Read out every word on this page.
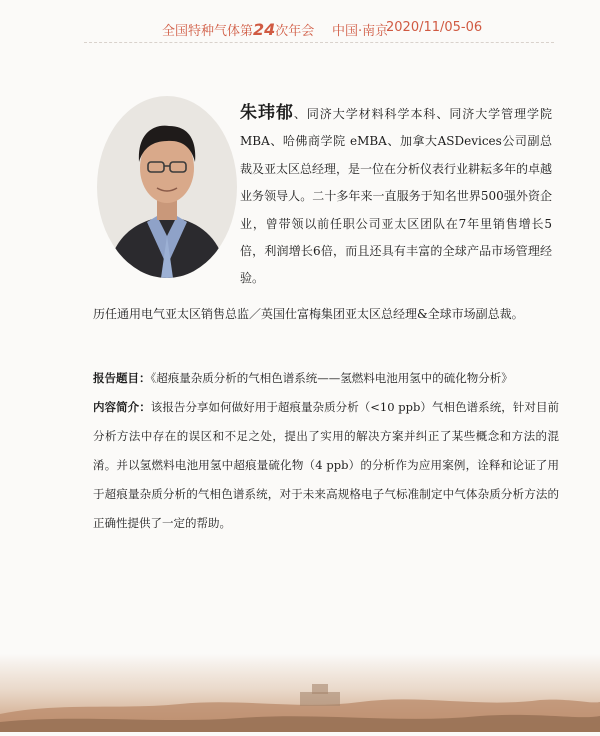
全国特种气体第24次年会 中国·南京
2020/11/05-06
朱玮郁、同济大学材料科学本科、同济大学管理学院MBA、哈佛商学院 eMBA、加拿大ASDevices公司副总裁及亚太区总经理，是一位在分析仪表行业耕耘多年的卓越业务领导人。二十多年来一直服务于知名世界500强外资企业，曾带领以前任职公司亚太区团队在7年里销售增长5倍，利润增长6倍，而且还具有丰富的全球产品市场管理经验。
历任通用电气亚太区销售总监／英国仕富梅集团亚太区总经理&全球市场副总裁。
报告题目：《超痕量杂质分析的气相色谱系统——氢燃料电池用氢中的硫化物分析》
内容简介：该报告分享如何做好用于超痕量杂质分析（<10 ppb）气相色谱系统，针对目前分析方法中存在的误区和不足之处，提出了实用的解决方案并纠正了某些概念和方法的混淆。并以氢燃料电池用氢中超痕量硫化物（4 ppb）的分析作为应用案例，诠释和论证了用于超痕量杂质分析的气相色谱系统，对于未来高规格电子气标准制定中气体杂质分析方法的正确性提供了一定的帮助。
